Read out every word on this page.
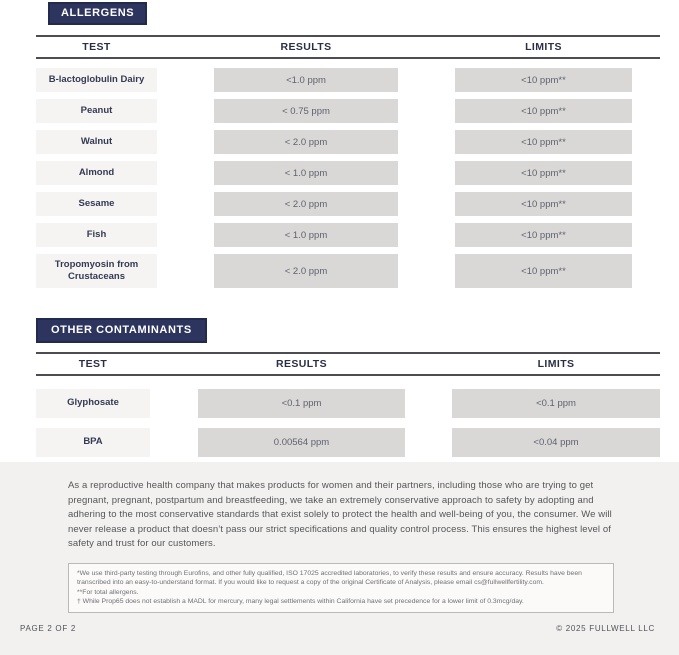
ALLERGENS
TEST	RESULTS	LIMITS
B-lactoglobulin Dairy	<1.0 ppm	<10 ppm**
Peanut	< 0.75 ppm	<10 ppm**
Walnut	< 2.0 ppm	<10 ppm**
Almond	< 1.0 ppm	<10 ppm**
Sesame	< 2.0 ppm	<10 ppm**
Fish	< 1.0 ppm	<10 ppm**
Tropomyosin from Crustaceans	< 2.0 ppm	<10 ppm**
OTHER CONTAMINANTS
TEST	RESULTS	LIMITS
Glyphosate	<0.1 ppm	<0.1 ppm
BPA	0.00564 ppm	<0.04 ppm

As a reproductive health company that makes products for women and their partners, including those who are trying to get pregnant, pregnant, postpartum and breastfeeding, we take an extremely conservative approach to safety by adopting and adhering to the most conservative standards that exist solely to protect the health and well-being of you, the consumer. We will never release a product that doesn’t pass our strict specifications and quality control process. This ensures the highest level of safety and trust for our customers.

*We use third-party testing through Eurofins, and other fully qualified, ISO 17025 accredited laboratories, to verify these results and ensure accuracy. Results have been transcribed into an easy-to-understand format. If you would like to request a copy of the original Certificate of Analysis, please email cs@fullwellfertility.com.
**For total allergens.
† While Prop65 does not establish a MADL for mercury, many legal settlements within California have set precedence for a lower limit of 0.3mcg/day.
PAGE 2 OF 2	© 2025 FULLWELL LLC
